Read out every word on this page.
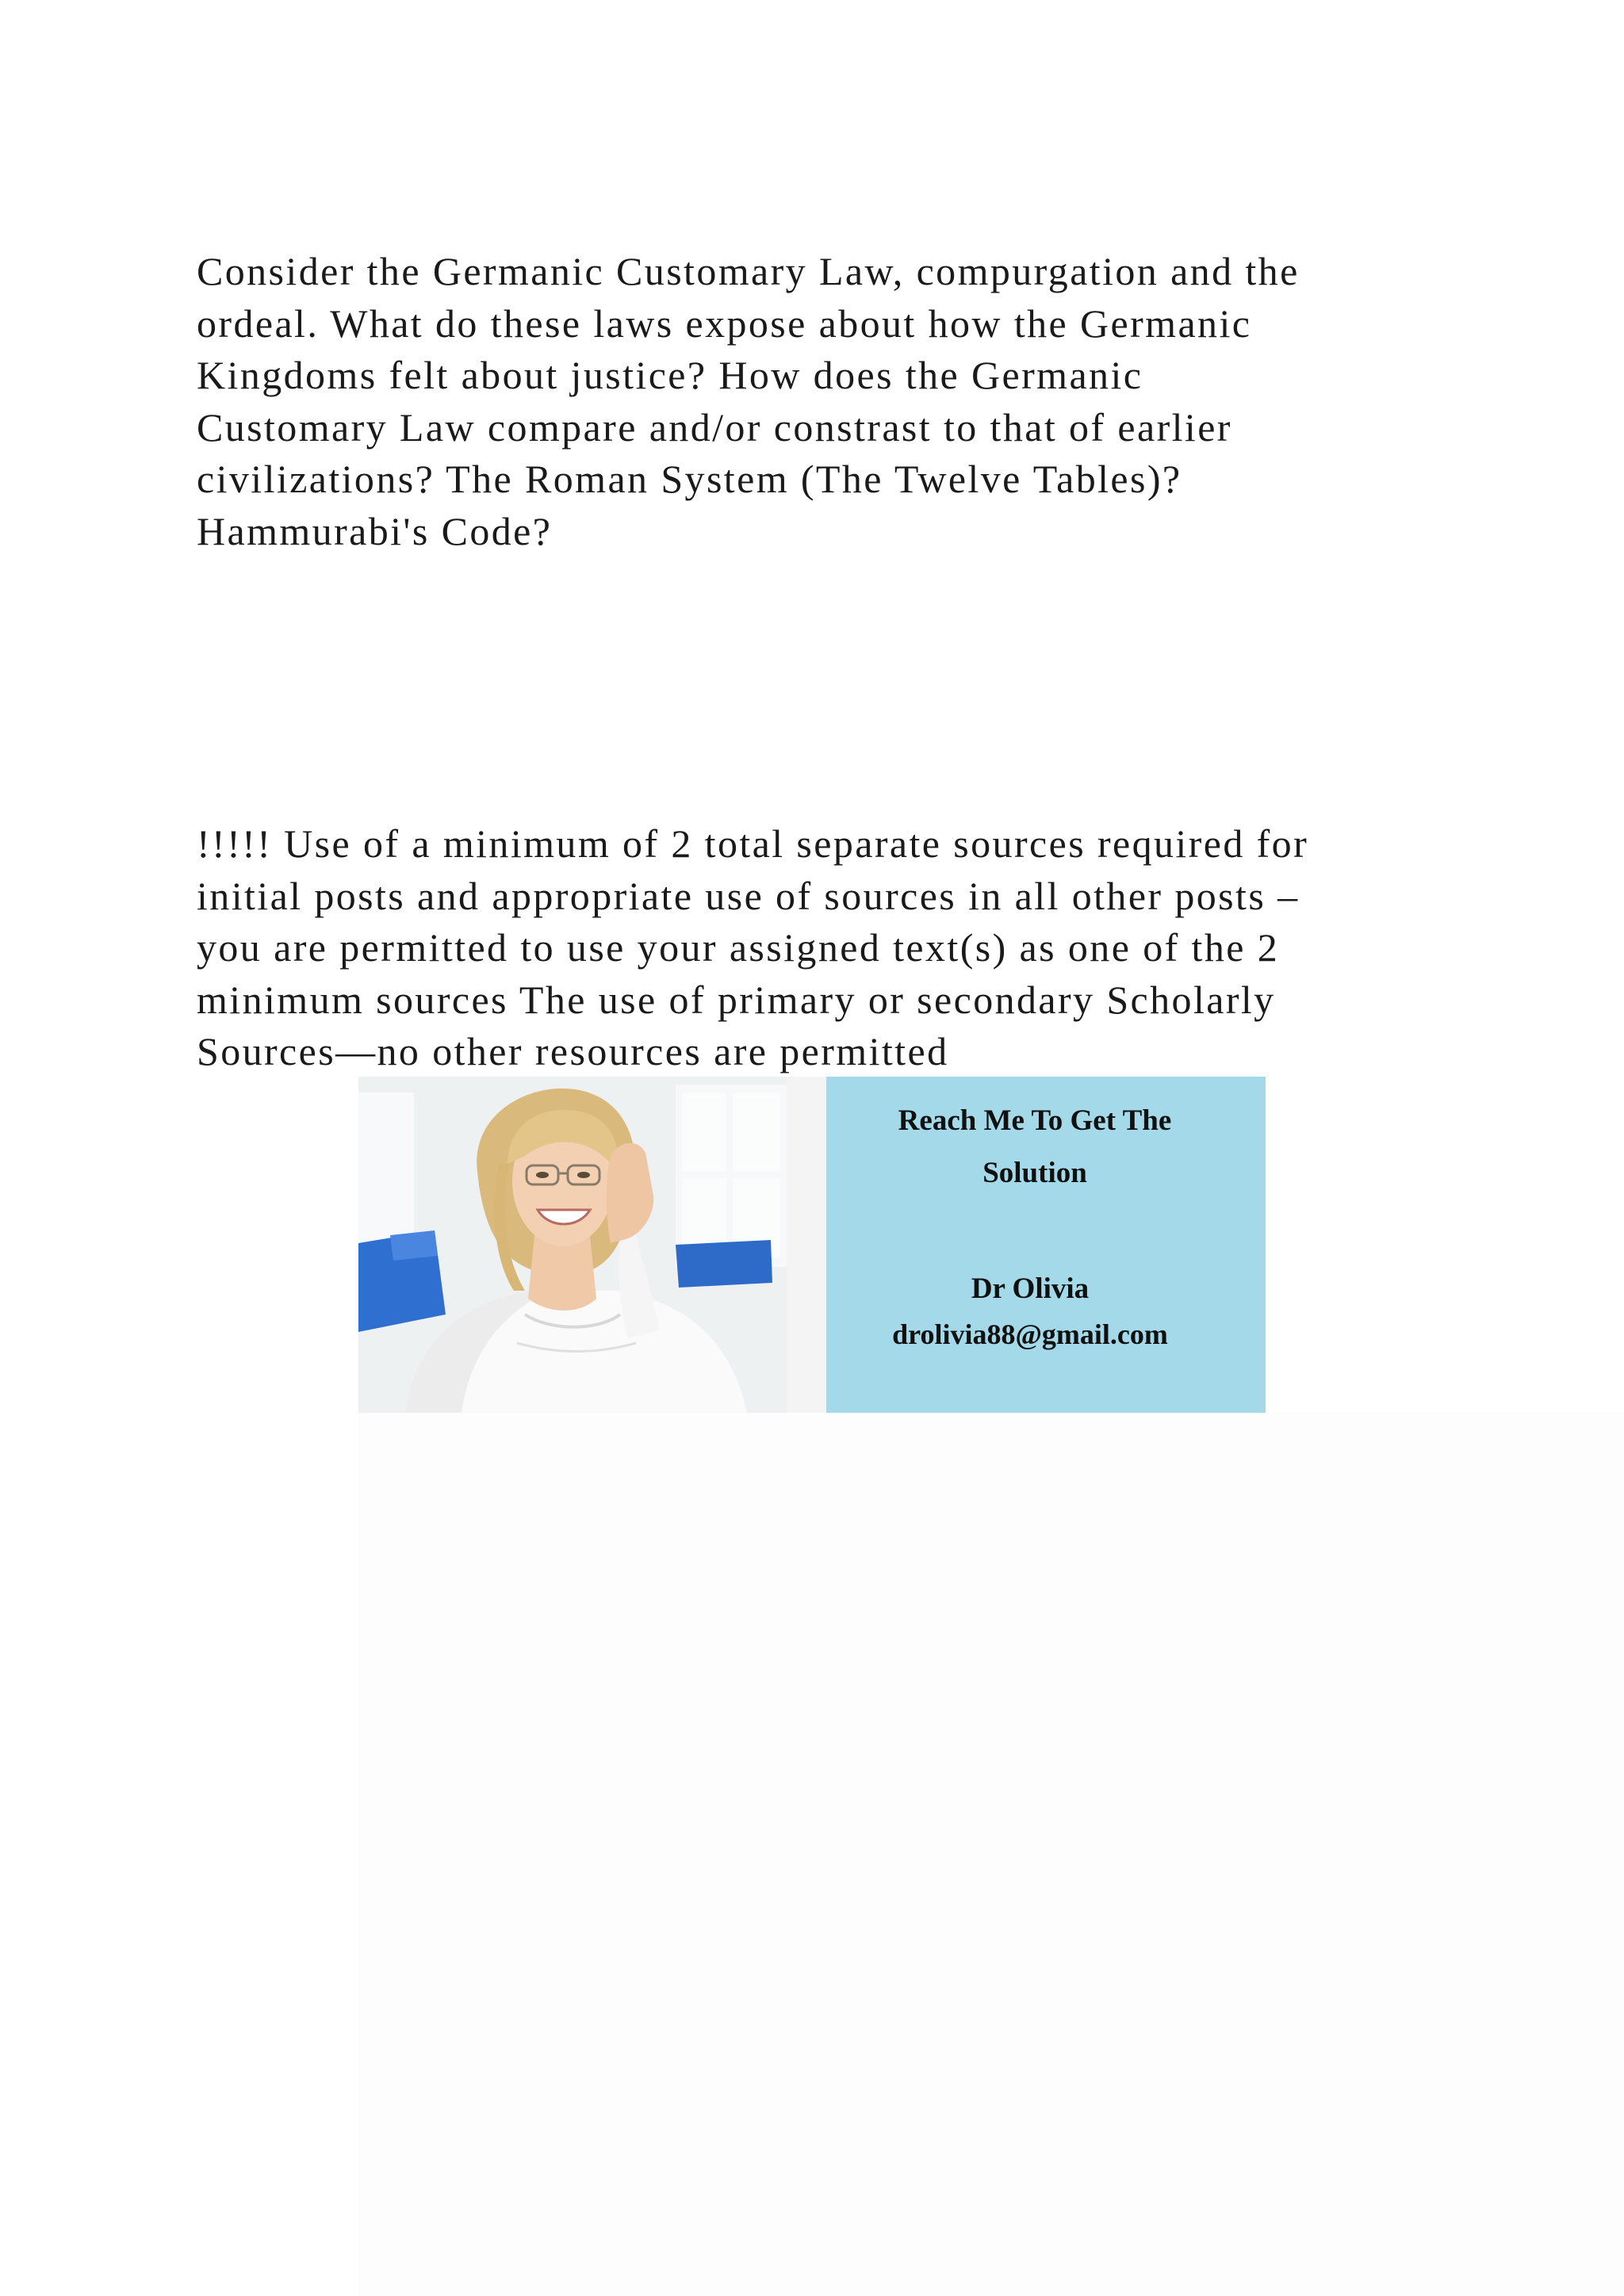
Consider the Germanic Customary Law, compurgation and the
ordeal. What do these laws expose about how the Germanic
Kingdoms felt about justice? How does the Germanic
Customary Law compare and/or constrast to that of earlier
civilizations? The Roman System (The Twelve Tables)?
Hammurabi's Code?

!!!!! Use of a minimum of 2 total separate sources required for
initial posts and appropriate use of sources in all other posts –
you are permitted to use your assigned text(s) as one of the 2
minimum sources The use of primary or secondary Scholarly
Sources—no other resources are permitted

Reach Me To Get The
Solution
Dr Olivia
drolivia88@gmail.com
